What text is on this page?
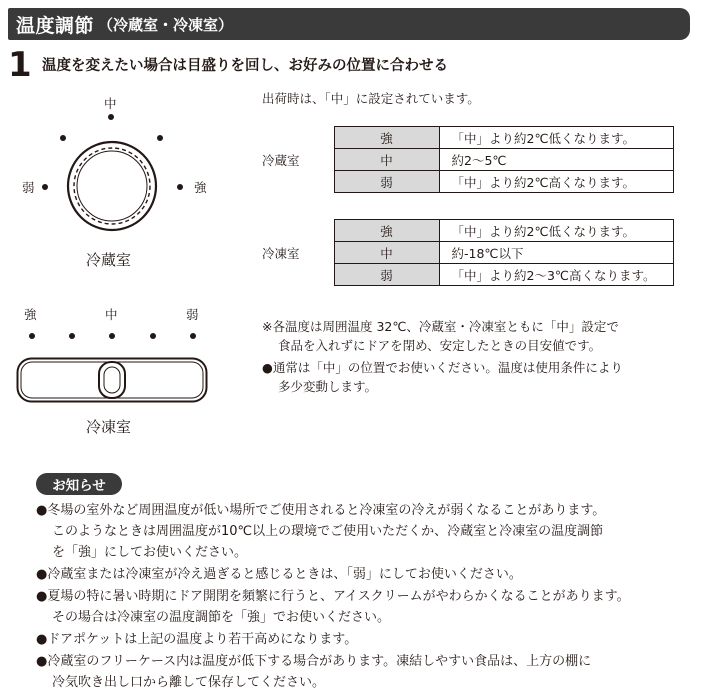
温度調節 （冷蔵室・冷凍室）
1 温度を変えたい場合は目盛りを回し、お好みの位置に合わせる
中
弱	強
冷蔵室
強	中	弱
冷凍室
出荷時は、「中」に設定されています。
冷蔵室	強	「中」より約2℃低くなります。
	中	約2～5℃
	弱	「中」より約2℃高くなります。
冷凍室	強	「中」より約2℃低くなります。
	中	約-18℃以下
	弱	「中」より約2～3℃高くなります。
※各温度は周囲温度 32℃、冷蔵室・冷凍室ともに「中」設定で
食品を入れずにドアを閉め、安定したときの目安値です。
●通常は「中」の位置でお使いください。温度は使用条件により
多少変動します。
お知らせ
●冬場の室外など周囲温度が低い場所でご使用されると冷凍室の冷えが弱くなることがあります。
このようなときは周囲温度が10℃以上の環境でご使用いただくか、冷蔵室と冷凍室の温度調節
を「強」にしてお使いください。
●冷蔵室または冷凍室が冷え過ぎると感じるときは、「弱」にしてお使いください。
●夏場の特に暑い時期にドア開閉を頻繁に行うと、アイスクリームがやわらかくなることがあります。
その場合は冷凍室の温度調節を「強」でお使いください。
●ドアポケットは上記の温度より若干高めになります。
●冷蔵室のフリーケース内は温度が低下する場合があります。凍結しやすい食品は、上方の棚に
冷気吹き出し口から離して保存してください。
